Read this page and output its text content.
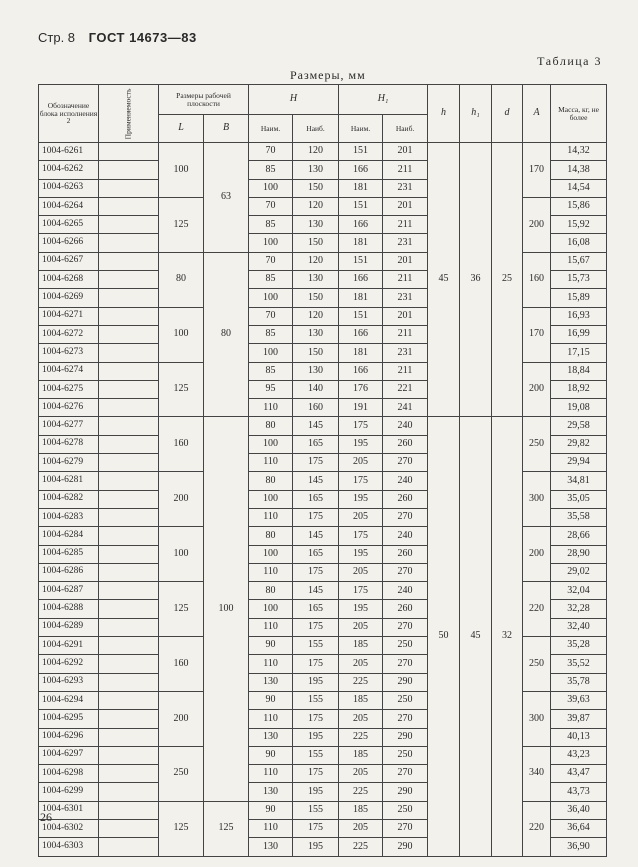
Стр. 8 ГОСТ 14673—83
Таблица 3
Размеры, мм
Обозначение блока исполнения 2	Применяемость	Размеры рабочей плоскости		H		H₁		h	h₁	d	A	Масса, кг, не более
		L	B	Наим.	Наиб.	Наим.	Наиб.					
1004-6261		100	63	70	120	151	201	45	36	25	170	14,32
1004-6262				85	130	166	211					14,38
1004-6263				100	150	181	231					14,54
1004-6264		125		70	120	151	201				200	15,86
1004-6265				85	130	166	211					15,92
1004-6266				100	150	181	231					16,08
1004-6267		80	80	70	120	151	201				160	15,67
1004-6268				85	130	166	211					15,73
1004-6269				100	150	181	231					15,89
1004-6271		100		70	120	151	201				170	16,93
1004-6272				85	130	166	211					16,99
1004-6273				100	150	181	231					17,15
1004-6274		125		85	130	166	211				200	18,84
1004-6275				95	140	176	221					18,92
1004-6276				110	160	191	241					19,08
1004-6277		160	100	80	145	175	240	50	45	32	250	29,58
1004-6278				100	165	195	260					29,82
1004-6279				110	175	205	270					29,94
1004-6281		200		80	145	175	240				300	34,81
1004-6282				100	165	195	260					35,05
1004-6283				110	175	205	270					35,58
1004-6284		100		80	145	175	240				200	28,66
1004-6285				100	165	195	260					28,90
1004-6286				110	175	205	270					29,02
1004-6287		125		80	145	175	240				220	32,04
1004-6288				100	165	195	260					32,28
1004-6289				110	175	205	270					32,40
1004-6291		160		90	155	185	250				250	35,28
1004-6292				110	175	205	270					35,52
1004-6293				130	195	225	290					35,78
1004-6294		200		90	155	185	250				300	39,63
1004-6295				110	175	205	270					39,87
1004-6296				130	195	225	290					40,13
1004-6297		250		90	155	185	250				340	43,23
1004-6298				110	175	205	270					43,47
1004-6299				130	195	225	290					43,73
1004-6301		125	125	90	155	185	250				220	36,40
1004-6302				110	175	205	270					36,64
1004-6303				130	195	225	290					36,90
26
